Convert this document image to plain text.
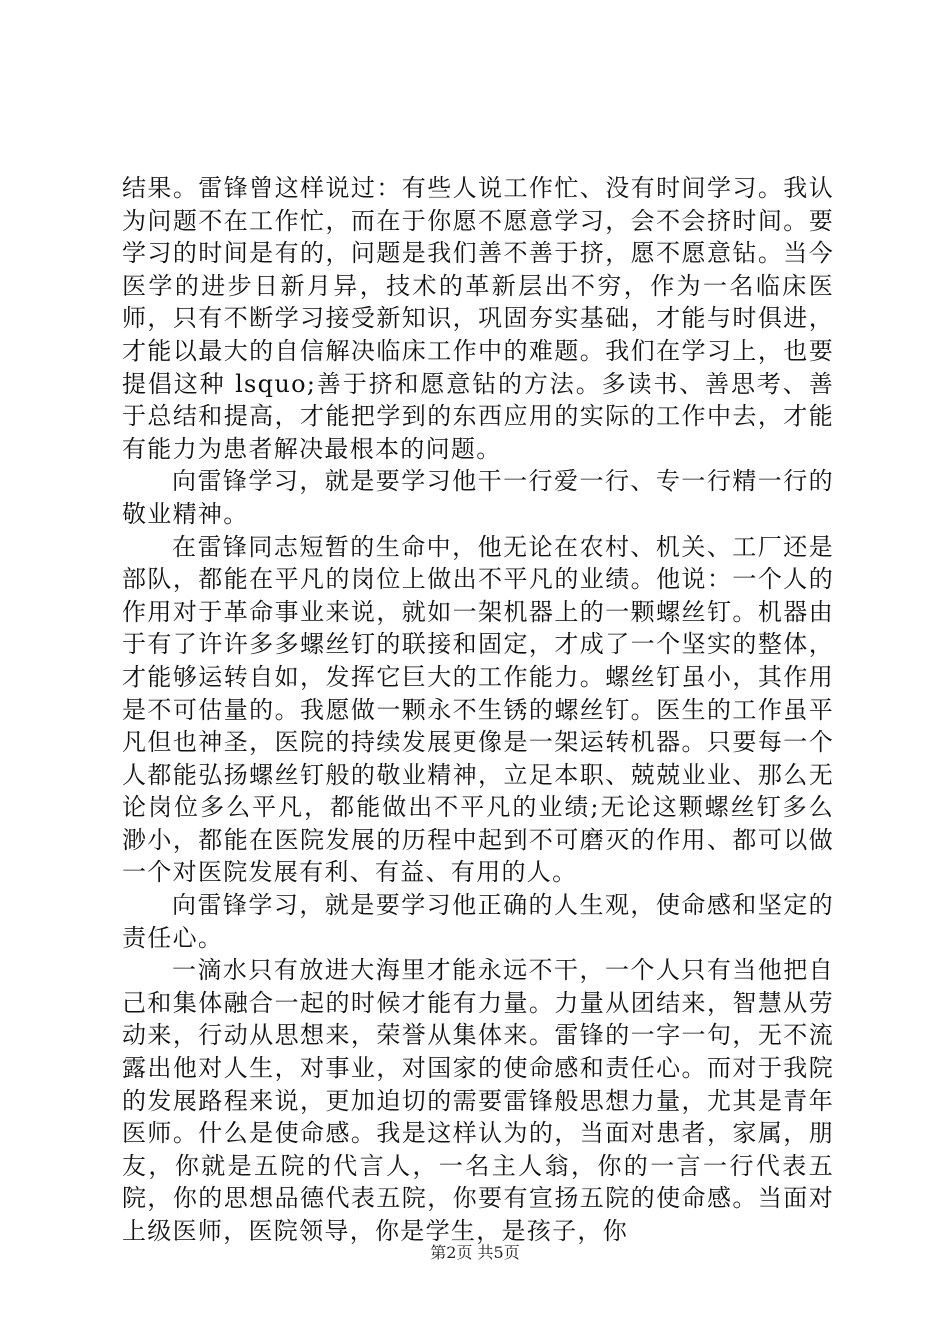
结果。雷锋曾这样说过：有些人说工作忙、没有时间学习。我认为问题不在工作忙，而在于你愿不愿意学习，会不会挤时间。要学习的时间是有的，问题是我们善不善于挤，愿不愿意钻。当今医学的进步日新月异，技术的革新层出不穷，作为一名临床医师，只有不断学习接受新知识，巩固夯实基础，才能与时俱进，才能以最大的自信解决临床工作中的难题。我们在学习上，也要提倡这种 lsquo;善于挤和愿意钻的方法。多读书、善思考、善于总结和提高，才能把学到的东西应用的实际的工作中去，才能有能力为患者解决最根本的问题。

向雷锋学习，就是要学习他干一行爱一行、专一行精一行的敬业精神。

在雷锋同志短暂的生命中，他无论在农村、机关、工厂还是部队，都能在平凡的岗位上做出不平凡的业绩。他说：一个人的作用对于革命事业来说，就如一架机器上的一颗螺丝钉。机器由于有了许许多多螺丝钉的联接和固定，才成了一个坚实的整体，才能够运转自如，发挥它巨大的工作能力。螺丝钉虽小，其作用是不可估量的。我愿做一颗永不生锈的螺丝钉。医生的工作虽平凡但也神圣，医院的持续发展更像是一架运转机器。只要每一个人都能弘扬螺丝钉般的敬业精神，立足本职、兢兢业业、那么无论岗位多么平凡，都能做出不平凡的业绩;无论这颗螺丝钉多么渺小，都能在医院发展的历程中起到不可磨灭的作用、都可以做一个对医院发展有利、有益、有用的人。

向雷锋学习，就是要学习他正确的人生观，使命感和坚定的责任心。

一滴水只有放进大海里才能永远不干，一个人只有当他把自己和集体融合一起的时候才能有力量。力量从团结来，智慧从劳动来，行动从思想来，荣誉从集体来。雷锋的一字一句，无不流露出他对人生，对事业，对国家的使命感和责任心。而对于我院的发展路程来说，更加迫切的需要雷锋般思想力量，尤其是青年医师。什么是使命感。我是这样认为的，当面对患者，家属，朋友，你就是五院的代言人，一名主人翁，你的一言一行代表五院，你的思想品德代表五院，你要有宣扬五院的使命感。当面对上级医师，医院领导，你是学生，是孩子，你

第2页 共5页
